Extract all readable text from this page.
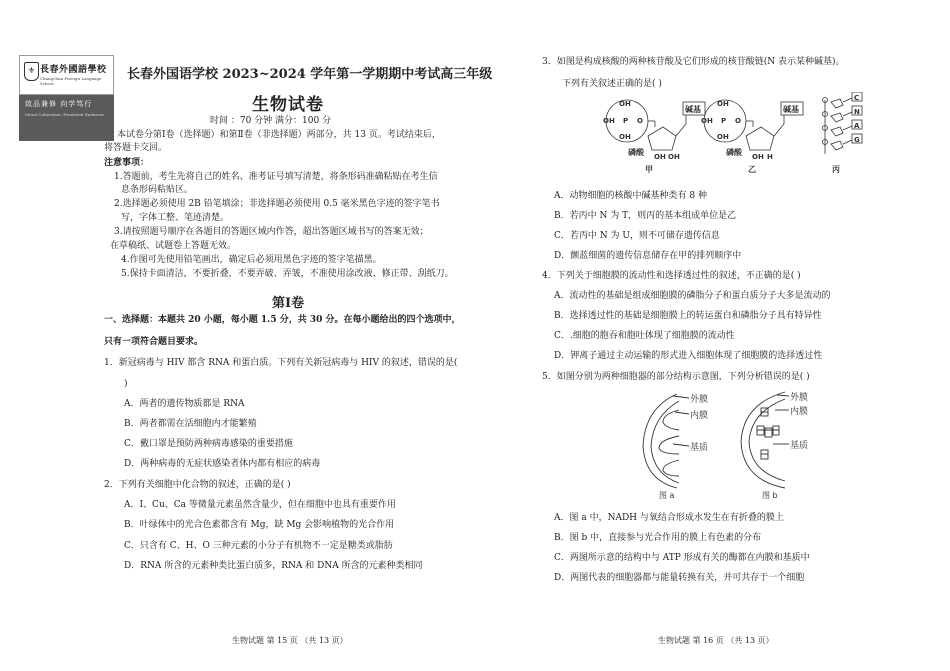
⚜ 長春外國語學校
Changchun Foreign Language School
致品兼修 向学笃行
Moral Cultivation, Persistent Endeavor
长春外国语学校 2023~2024 学年第一学期期中考试高三年级
生物试卷
时间 ：70 分钟 满分：100 分
本试卷分第Ⅰ卷（选择题）和第Ⅱ卷（非选择题）两部分，共 13 页。考试结束后，
将答题卡交回。
注意事项：
1.答题前，考生先将自己的姓名、准考证号填写清楚，将条形码准确粘贴在考生信
息条形码粘贴区。
2.选择题必须使用 2B 铅笔填涂；非选择题必须使用 0.5 毫米黑色字迹的签字笔书
写，字体工整、笔迹清楚。
3.请按照题号顺序在各题目的答题区域内作答，超出答题区域书写的答案无效；
在草稿纸、试题卷上答题无效。
4.作图可先使用铅笔画出，确定后必须用黑色字迹的签字笔描黑。
5.保持卡面清洁，不要折叠，不要弄破、弄皱，不准使用涂改液、修正带、刮纸刀。
第Ⅰ卷
一、选择题：本题共 20 小题，每小题 1.5 分，共 30 分。在每小题给出的四个选项中，
只有一项符合题目要求。
1．新冠病毒与 HIV 都含 RNA 和蛋白质。下列有关新冠病毒与 HIV 的叙述，错误的是(
)
A．两者的遗传物质都是 RNA
B．两者都需在活细胞内才能繁殖
C．戴口罩是预防两种病毒感染的重要措施
D．两种病毒的无症状感染者体内都有相应的病毒
2．下列有关细胞中化合物的叙述，正确的是( )
A．I、Cu、Ca 等微量元素虽然含量少，但在细胞中也具有重要作用
B．叶绿体中的光合色素都含有 Mg，缺 Mg 会影响植物的光合作用
C．只含有 C、H、O 三种元素的小分子有机物不一定是糖类或脂肪
D．RNA 所含的元素种类比蛋白质多，RNA 和 DNA 所含的元素种类相同
生物试题 第 15 页 （共 13 页）
3．如图是构成核酸的两种核苷酸及它们形成的核苷酸链(N 表示某种碱基)。
下列有关叙述正确的是( )
OH
OH P O
OH
碱基
磷酸 OH OH
甲
OH
OH P O
OH
碱基
磷酸 OH H
乙
C
N
A
G
丙
A．动物细胞的核酸中碱基种类有 8 种
B．若丙中 N 为 T，则丙的基本组成单位是乙
C．若丙中 N 为 U，则不可储存遗传信息
D．颤蓝细菌的遗传信息储存在甲的排列顺序中
4．下列关于细胞膜的流动性和选择透过性的叙述，不正确的是( )
A．流动性的基础是组成细胞膜的磷脂分子和蛋白质分子大多是流动的
B．选择透过性的基础是细胞膜上的转运蛋白和磷脂分子具有特异性
C．.细胞的胞吞和胞吐体现了细胞膜的流动性
D．钾离子通过主动运输的形式进入细胞体现了细胞膜的选择透过性
5．如图分别为两种细胞器的部分结构示意图，下列分析错误的是( )
外膜
内膜
基质
图 a
外膜
内膜
基质
图 b
A．图 a 中，NADH 与氧结合形成水发生在有折叠的膜上
B．图 b 中，直接参与光合作用的膜上有色素的分布
C．两图所示意的结构中与 ATP 形成有关的酶都在内膜和基质中
D．两图代表的细胞器都与能量转换有关，并可共存于一个细胞
生物试题 第 16 页 （共 13 页）
